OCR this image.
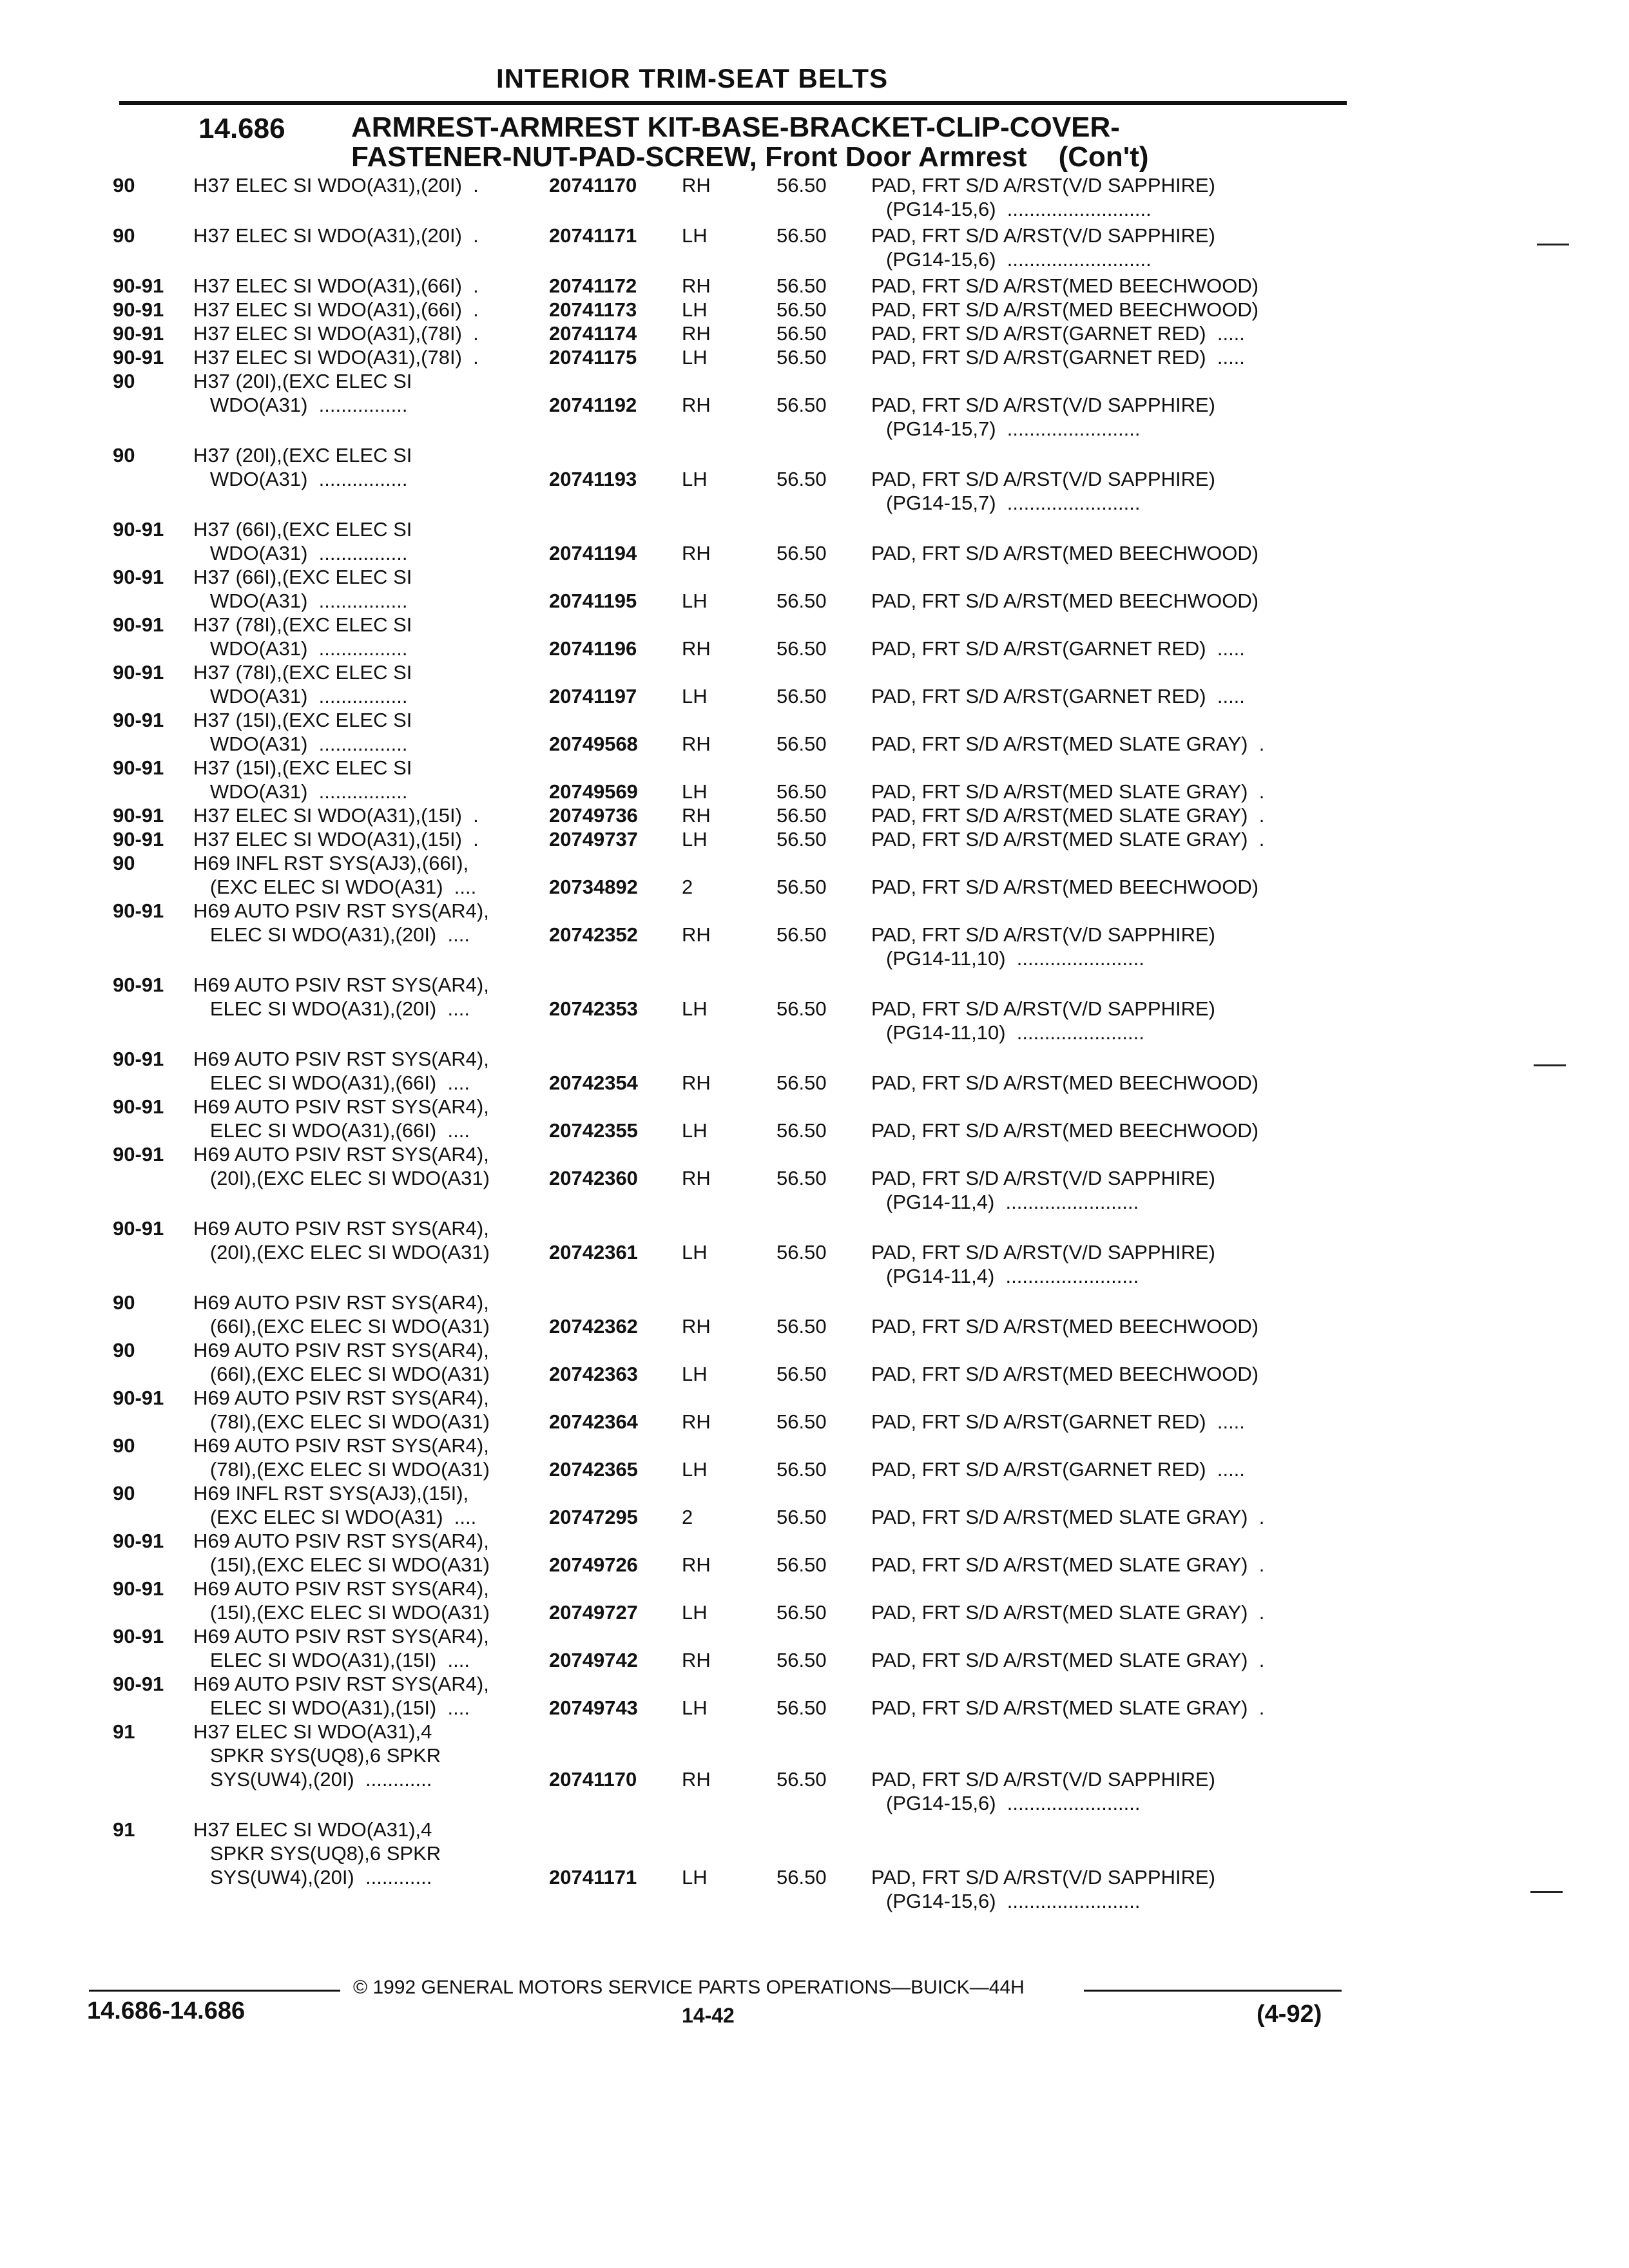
INTERIOR TRIM-SEAT BELTS
14.686 ARMREST-ARMREST KIT-BASE-BRACKET-CLIP-COVER-
FASTENER-NUT-PAD-SCREW, Front Door Armrest    (Con't)
90	H37 ELEC SI WDO(A31),(20I)  .	20741170 RH	56.50 PAD, FRT S/D A/RST(V/D SAPPHIRE)
(PG14-15,6)  ..........................
90	H37 ELEC SI WDO(A31),(20I)  .	20741171 LH	56.50 PAD, FRT S/D A/RST(V/D SAPPHIRE)
(PG14-15,6)  ..........................
90-91 H37 ELEC SI WDO(A31),(66I)  .	20741172 RH	56.50 PAD, FRT S/D A/RST(MED BEECHWOOD)
90-91 H37 ELEC SI WDO(A31),(66I)  .	20741173 LH	56.50 PAD, FRT S/D A/RST(MED BEECHWOOD)
90-91 H37 ELEC SI WDO(A31),(78I)  .	20741174 RH	56.50 PAD, FRT S/D A/RST(GARNET RED)  .....
90-91 H37 ELEC SI WDO(A31),(78I)  .	20741175 LH	56.50 PAD, FRT S/D A/RST(GARNET RED)  .....
90	H37 (20I),(EXC ELEC SI
WDO(A31)  ................	20741192 RH	56.50 PAD, FRT S/D A/RST(V/D SAPPHIRE)
(PG14-15,7)  ........................
90	H37 (20I),(EXC ELEC SI
WDO(A31)  ................	20741193 LH	56.50 PAD, FRT S/D A/RST(V/D SAPPHIRE)
(PG14-15,7)  ........................
90-91 H37 (66I),(EXC ELEC SI
WDO(A31)  ................	20741194 RH	56.50 PAD, FRT S/D A/RST(MED BEECHWOOD)
90-91 H37 (66I),(EXC ELEC SI
WDO(A31)  ................	20741195 LH	56.50 PAD, FRT S/D A/RST(MED BEECHWOOD)
90-91 H37 (78I),(EXC ELEC SI
WDO(A31)  ................	20741196 RH	56.50 PAD, FRT S/D A/RST(GARNET RED)  .....
90-91 H37 (78I),(EXC ELEC SI
WDO(A31)  ................	20741197 LH	56.50 PAD, FRT S/D A/RST(GARNET RED)  .....
90-91 H37 (15I),(EXC ELEC SI
WDO(A31)  ................	20749568 RH	56.50 PAD, FRT S/D A/RST(MED SLATE GRAY)  .
90-91 H37 (15I),(EXC ELEC SI
WDO(A31)  ................	20749569 LH	56.50 PAD, FRT S/D A/RST(MED SLATE GRAY)  .
90-91 H37 ELEC SI WDO(A31),(15I)  .	20749736 RH	56.50 PAD, FRT S/D A/RST(MED SLATE GRAY)  .
90-91 H37 ELEC SI WDO(A31),(15I)  .	20749737 LH	56.50 PAD, FRT S/D A/RST(MED SLATE GRAY)  .
90	H69 INFL RST SYS(AJ3),(66I),
(EXC ELEC SI WDO(A31)  ....	20734892 2	56.50 PAD, FRT S/D A/RST(MED BEECHWOOD)
90-91 H69 AUTO PSIV RST SYS(AR4),
ELEC SI WDO(A31),(20I)  ....	20742352 RH	56.50 PAD, FRT S/D A/RST(V/D SAPPHIRE)
(PG14-11,10)  .......................
90-91 H69 AUTO PSIV RST SYS(AR4),
ELEC SI WDO(A31),(20I)  ....	20742353 LH	56.50 PAD, FRT S/D A/RST(V/D SAPPHIRE)
(PG14-11,10)  .......................
90-91 H69 AUTO PSIV RST SYS(AR4),
ELEC SI WDO(A31),(66I)  ....	20742354 RH	56.50 PAD, FRT S/D A/RST(MED BEECHWOOD)
90-91 H69 AUTO PSIV RST SYS(AR4),
ELEC SI WDO(A31),(66I)  ....	20742355 LH	56.50 PAD, FRT S/D A/RST(MED BEECHWOOD)
90-91 H69 AUTO PSIV RST SYS(AR4),
(20I),(EXC ELEC SI WDO(A31)	20742360 RH	56.50 PAD, FRT S/D A/RST(V/D SAPPHIRE)
(PG14-11,4)  ........................
90-91 H69 AUTO PSIV RST SYS(AR4),
(20I),(EXC ELEC SI WDO(A31)	20742361 LH	56.50 PAD, FRT S/D A/RST(V/D SAPPHIRE)
(PG14-11,4)  ........................
90	H69 AUTO PSIV RST SYS(AR4),
(66I),(EXC ELEC SI WDO(A31)	20742362 RH	56.50 PAD, FRT S/D A/RST(MED BEECHWOOD)
90	H69 AUTO PSIV RST SYS(AR4),
(66I),(EXC ELEC SI WDO(A31)	20742363 LH	56.50 PAD, FRT S/D A/RST(MED BEECHWOOD)
90-91 H69 AUTO PSIV RST SYS(AR4),
(78I),(EXC ELEC SI WDO(A31)	20742364 RH	56.50 PAD, FRT S/D A/RST(GARNET RED)  .....
90	H69 AUTO PSIV RST SYS(AR4),
(78I),(EXC ELEC SI WDO(A31)	20742365 LH	56.50 PAD, FRT S/D A/RST(GARNET RED)  .....
90	H69 INFL RST SYS(AJ3),(15I),
(EXC ELEC SI WDO(A31)  ....	20747295 2	56.50 PAD, FRT S/D A/RST(MED SLATE GRAY)  .
90-91 H69 AUTO PSIV RST SYS(AR4),
(15I),(EXC ELEC SI WDO(A31)	20749726 RH	56.50 PAD, FRT S/D A/RST(MED SLATE GRAY)  .
90-91 H69 AUTO PSIV RST SYS(AR4),
(15I),(EXC ELEC SI WDO(A31)	20749727 LH	56.50 PAD, FRT S/D A/RST(MED SLATE GRAY)  .
90-91 H69 AUTO PSIV RST SYS(AR4),
ELEC SI WDO(A31),(15I)  ....	20749742 RH	56.50 PAD, FRT S/D A/RST(MED SLATE GRAY)  .
90-91 H69 AUTO PSIV RST SYS(AR4),
ELEC SI WDO(A31),(15I)  ....	20749743 LH	56.50 PAD, FRT S/D A/RST(MED SLATE GRAY)  .
91	H37 ELEC SI WDO(A31),4
SPKR SYS(UQ8),6 SPKR
SYS(UW4),(20I)  ............	20741170 RH	56.50 PAD, FRT S/D A/RST(V/D SAPPHIRE)
(PG14-15,6)  ........................
91	H37 ELEC SI WDO(A31),4
SPKR SYS(UQ8),6 SPKR
SYS(UW4),(20I)  ............	20741171 LH	56.50 PAD, FRT S/D A/RST(V/D SAPPHIRE)
(PG14-15,6)  ........................
© 1992 GENERAL MOTORS SERVICE PARTS OPERATIONS—BUICK—44H
14.686-14.686	14-42	(4-92)
